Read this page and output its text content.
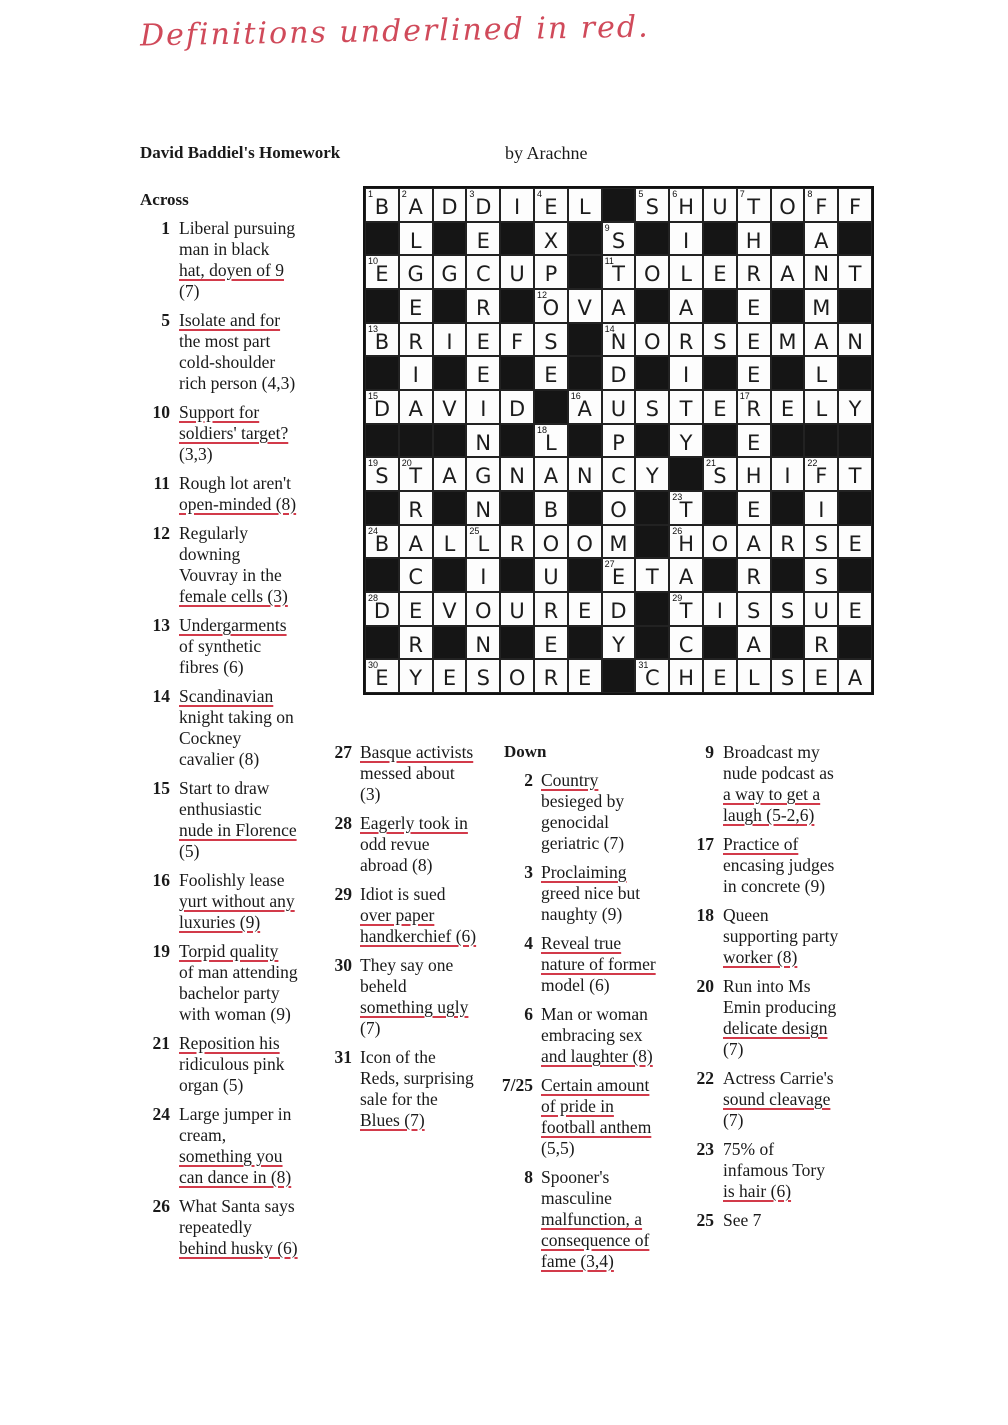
Definitions underlined in red.
David Baddiel's Homework	by Arachne
Across
Down
1
B
2
A D
3
D	I
4
E	L
5
S
6
H U
7
T O
8
F	F
L	E	X
9
S	I	H	A
10
E G G C U P
11
T O L	E R A N T
E	R
12
O V A	A	E	M
13
B R	I	E	F	S
14
N O R S E M A N
I	E	E	D	I	E	L
15
D A V	I	D
16
A U S T E
17
R E	L	Y
N
18
L	P	Y	E
19
S
20
T A G N A N C Y
21
S H	I
22
F	T
R	N	B	O
23
T	E	I
24
B A L
25
L R O O M
26
H O A R S E
C	I	U
27
E T A	R	S
28
D E V O U R E D
29
T	I	S S U E
R	N	E	Y	C	A	R
30
E Y E S O R E
31
C H E	L	S E A
1 Liberal pursuing
man in black
hat, doyen of 9
(7)
5 Isolate and for
the most part
cold-shoulder
rich person (4,3)
10 Support for
soldiers' target?
(3,3)
11 Rough lot aren't
open-minded (8)
12 Regularly
downing
Vouvray in the
female cells (3)
13 Undergarments
of synthetic
fibres (6)
14 Scandinavian
knight taking on
Cockney
cavalier (8)
15 Start to draw
enthusiastic
nude in Florence
(5)
16 Foolishly lease
yurt without any
luxuries (9)
19 Torpid quality
of man attending
bachelor party
with woman (9)
21 Reposition his
ridiculous pink
organ (5)
24 Large jumper in
cream,
something you
can dance in (8)
26 What Santa says
repeatedly
behind husky (6)
27 Basque activists
messed about
(3)
28 Eagerly took in
odd revue
abroad (8)
29 Idiot is sued
over paper
handkerchief (6)
30 They say one
beheld
something ugly
(7)
31 Icon of the
Reds, surprising
sale for the
Blues (7)
2 Country
besieged by
genocidal
geriatric (7)
3 Proclaiming
greed nice but
naughty (9)
4 Reveal true
nature of former
model (6)
6 Man or woman
embracing sex
and laughter (8)
7/25 Certain amount
of pride in
football anthem
(5,5)
8 Spooner's
masculine
malfunction, a
consequence of
fame (3,4)
9 Broadcast my
nude podcast as
a way to get a
laugh (5-2,6)
17 Practice of
encasing judges
in concrete (9)
18 Queen
supporting party
worker (8)
20 Run into Ms
Emin producing
delicate design
(7)
22 Actress Carrie's
sound cleavage
(7)
23 75% of
infamous Tory
is hair (6)
25 See 7
